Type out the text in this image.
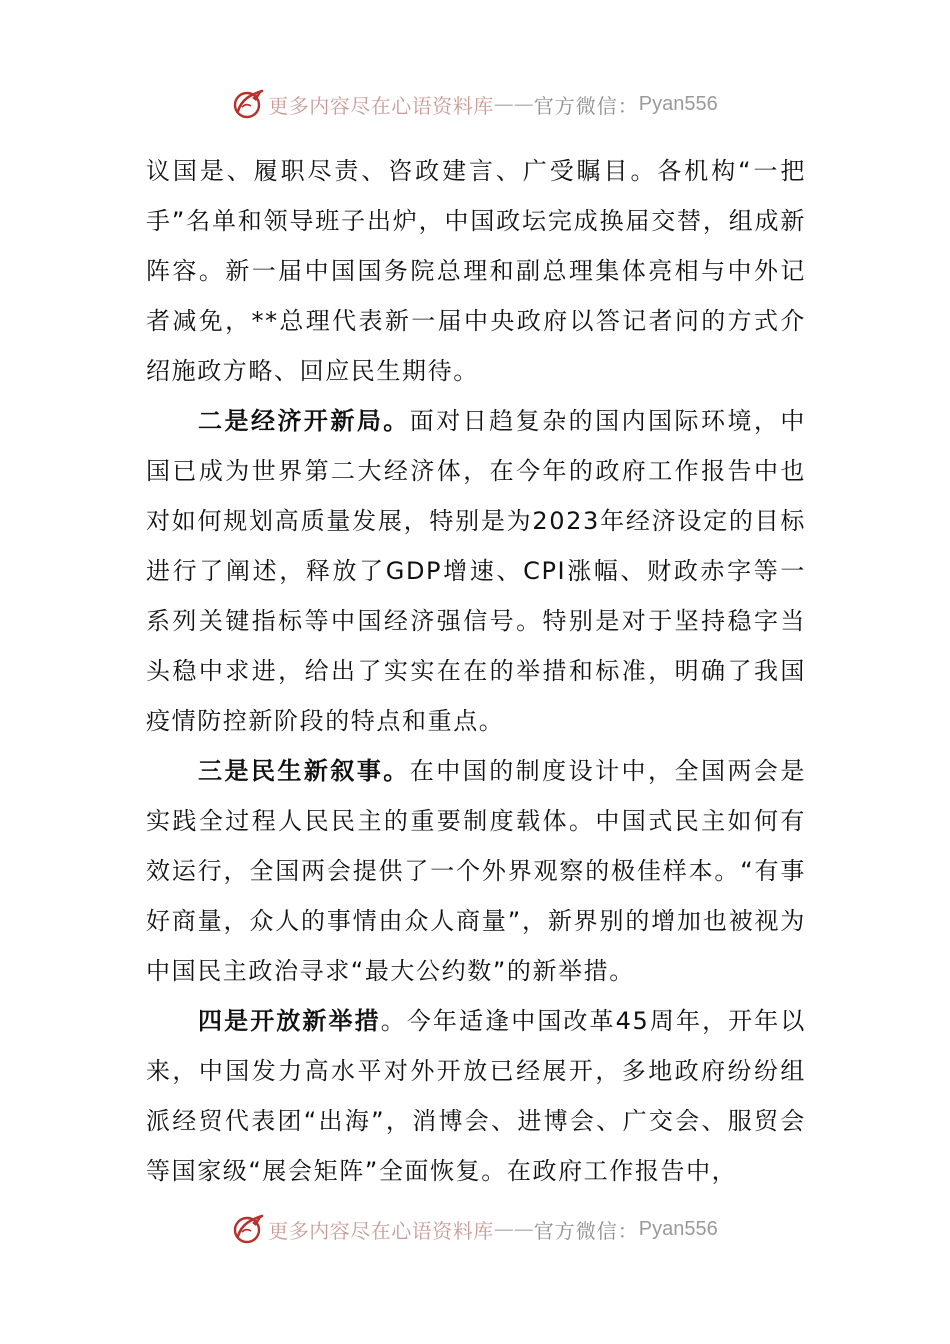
更多内容尽在心语资料库 —— 官方微信： Pyan556

议国是、履职尽责、咨政建言、广受瞩目。各机构“一把手”名单和领导班子出炉，中国政坛完成换届交替，组成新阵容。新一届中国国务院总理和副总理集体亮相与中外记者减免，**总理代表新一届中央政府以答记者问的方式介绍施政方略、回应民生期待。

二是经济开新局。面对日趋复杂的国内国际环境，中国已成为世界第二大经济体，在今年的政府工作报告中也对如何规划高质量发展，特别是为2023年经济设定的目标进行了阐述，释放了GDP增速、CPI涨幅、财政赤字等一系列关键指标等中国经济强信号。特别是对于坚持稳字当头稳中求进，给出了实实在在的举措和标准，明确了我国疫情防控新阶段的特点和重点。

三是民生新叙事。在中国的制度设计中，全国两会是实践全过程人民民主的重要制度载体。中国式民主如何有效运行，全国两会提供了一个外界观察的极佳样本。“有事好商量，众人的事情由众人商量”，新界别的增加也被视为中国民主政治寻求“最大公约数”的新举措。

四是开放新举措。今年适逢中国改革45周年，开年以来，中国发力高水平对外开放已经展开，多地政府纷纷组派经贸代表团“出海”，消博会、进博会、广交会、服贸会等国家级“展会矩阵”全面恢复。在政府工作报告中，

更多内容尽在心语资料库 —— 官方微信： Pyan556
